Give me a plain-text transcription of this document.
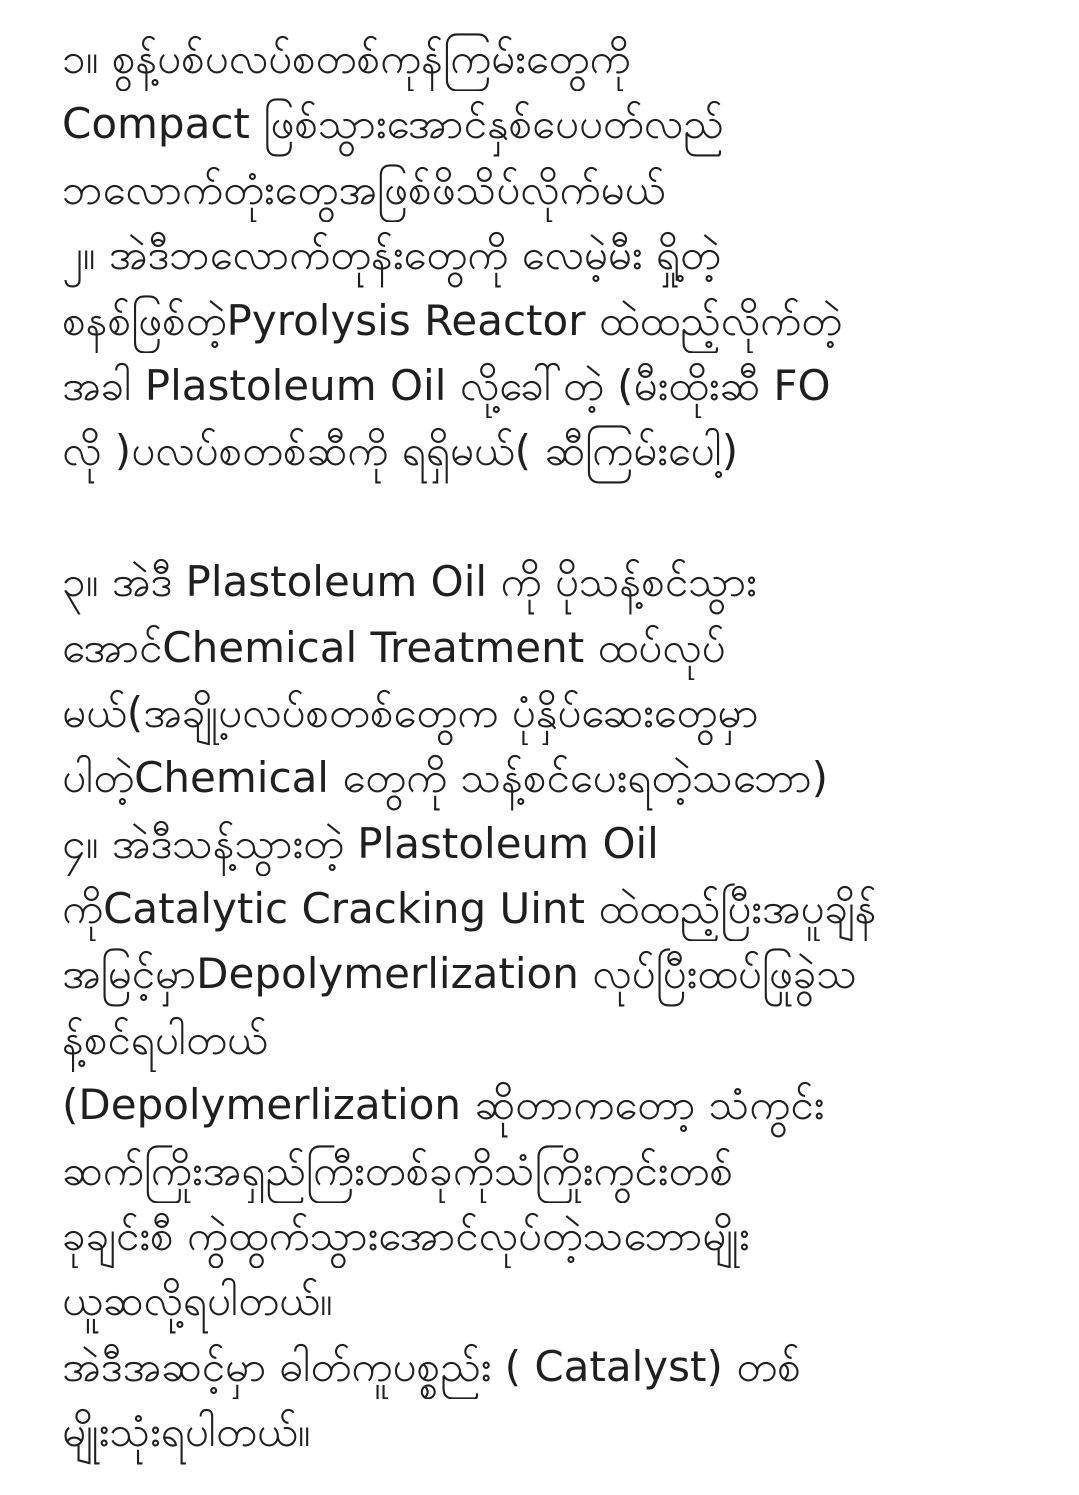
၁။ စွန့်ပစ်ပလပ်စတစ်ကုန်ကြမ်းတွေကို
Compact ဖြစ်သွားအောင်နှစ်ပေပတ်လည်
ဘလောက်တုံးတွေအဖြစ်ဖိသိပ်လိုက်မယ်
၂။ အဲဒီဘလောက်တုန်းတွေကို လေမဲ့မီး ရှို့တဲ့
စနစ်ဖြစ်တဲ့Pyrolysis Reactor ထဲထည့်လိုက်တဲ့
အခါ Plastoleum Oil လို့ခေါ်တဲ့ (မီးထိုးဆီ FO
လို )ပလပ်စတစ်ဆီကို ရရှိမယ်( ဆီကြမ်းပေါ့)
၃။ အဲဒီ Plastoleum Oil ကို ပိုသန့်စင်သွား
အောင်Chemical Treatment ထပ်လုပ်
မယ်(အချို့ပလပ်စတစ်တွေက ပုံနှိပ်ဆေးတွေမှာ
ပါတဲ့Chemical တွေကို သန့်စင်ပေးရတဲ့သဘော)
၄။ အဲဒီသန့်သွားတဲ့ Plastoleum Oil
ကိုCatalytic Cracking Uint ထဲထည့်ပြီးအပူချိန်
အမြင့်မှာDepolymerlization လုပ်ပြီးထပ်ဖြုခွဲသ
န့်စင်ရပါတယ်
(Depolymerlization ဆိုတာကတော့ သံကွင်း
ဆက်ကြိုးအရှည်ကြီးတစ်ခုကိုသံကြိုးကွင်းတစ်
ခုချင်းစီ ကွဲထွက်သွားအောင်လုပ်တဲ့သဘောမျိုး
ယူဆလို့ရပါတယ်။
အဲဒီအဆင့်မှာ ဓါတ်ကူပစ္စည်း ( Catalyst) တစ်
မျိုးသုံးရပါတယ်။
